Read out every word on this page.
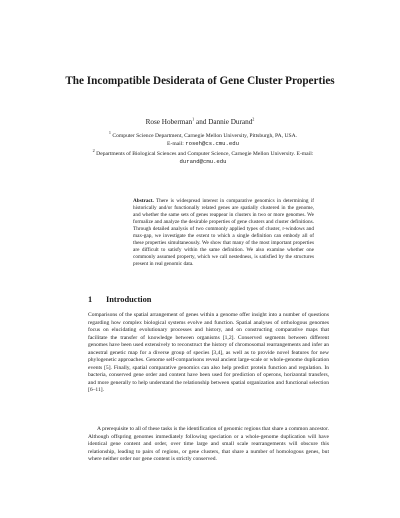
The Incompatible Desiderata of Gene Cluster Properties
Rose Hoberman$^1$ and Dannie Durand$^2$
$^1$ Computer Science Department, Carnegie Mellon University, Pittsburgh, PA, USA.
E-mail: roseh@cs.cmu.edu
$^2$ Departments of Biological Sciences and Computer Science, Carnegie Mellon University. E-mail: durand@cmu.edu
Abstract. There is widespread interest in comparative genomics in determining if historically and/or functionally related genes are spatially clustered in the genome, and whether the same sets of genes reappear in clusters in two or more genomes. We formalize and analyze the desirable properties of gene clusters and cluster definitions. Through detailed analysis of two commonly applied types of cluster, r-windows and max-gap, we investigate the extent to which a single definition can embody all of these properties simultaneously. We show that many of the most important properties are difficult to satisfy within the same definition. We also examine whether one commonly assumed property, which we call nestedness, is satisfied by the structures present in real genomic data.
1 Introduction
Comparisons of the spatial arrangement of genes within a genome offer insight into a number of questions regarding how complex biological systems evolve and function. Spatial analyses of orthologous genomes focus on elucidating evolutionary processes and history, and on constructing comparative maps that facilitate the transfer of knowledge between organisms [1,2]. Conserved segments between different genomes have been used extensively to reconstruct the history of chromosomal rearrangements and infer an ancestral genetic map for a diverse group of species [3,4], as well as to provide novel features for new phylogenetic approaches. Genome self-comparisons reveal ancient large-scale or whole-genome duplication events [5]. Finally, spatial comparative genomics can also help predict protein function and regulation. In bacteria, conserved gene order and content have been used for prediction of operons, horizontal transfers, and more generally to help understand the relationship between spatial organization and functional selection [6–11].
A prerequisite to all of these tasks is the identification of genomic regions that share a common ancestor. Although offspring genomes immediately following speciation or a whole-genome duplication will have identical gene content and order, over time large and small scale rearrangements will obscure this relationship, leading to pairs of regions, or gene clusters, that share a number of homologous genes, but where neither order nor gene content is strictly conserved.
